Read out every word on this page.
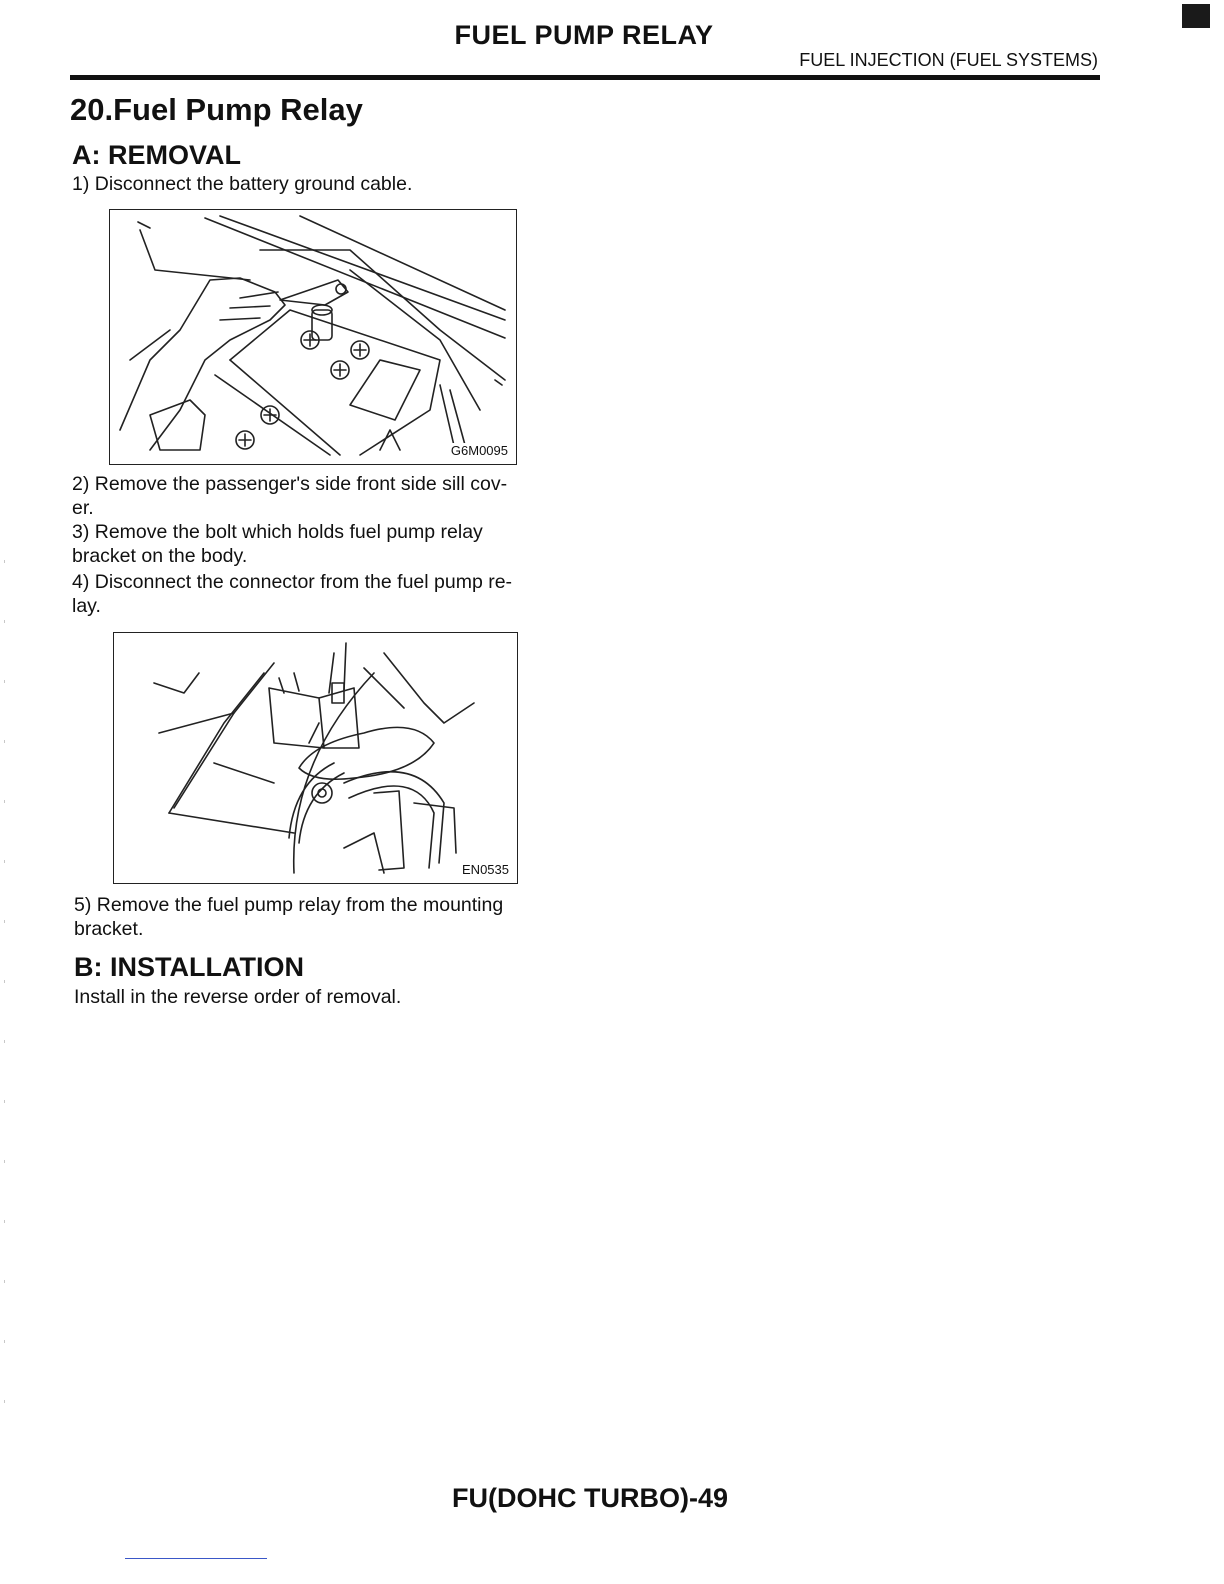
FUEL PUMP RELAY
FUEL INJECTION (FUEL SYSTEMS)
20.Fuel Pump Relay
A: REMOVAL
1) Disconnect the battery ground cable.
G6M0095
2) Remove the passenger's side front side sill cov-
er.
3) Remove the bolt which holds fuel pump relay
bracket on the body.
4) Disconnect the connector from the fuel pump re-
lay.
EN0535
5) Remove the fuel pump relay from the mounting
bracket.
B: INSTALLATION
Install in the reverse order of removal.
FU(DOHC TURBO)-49
